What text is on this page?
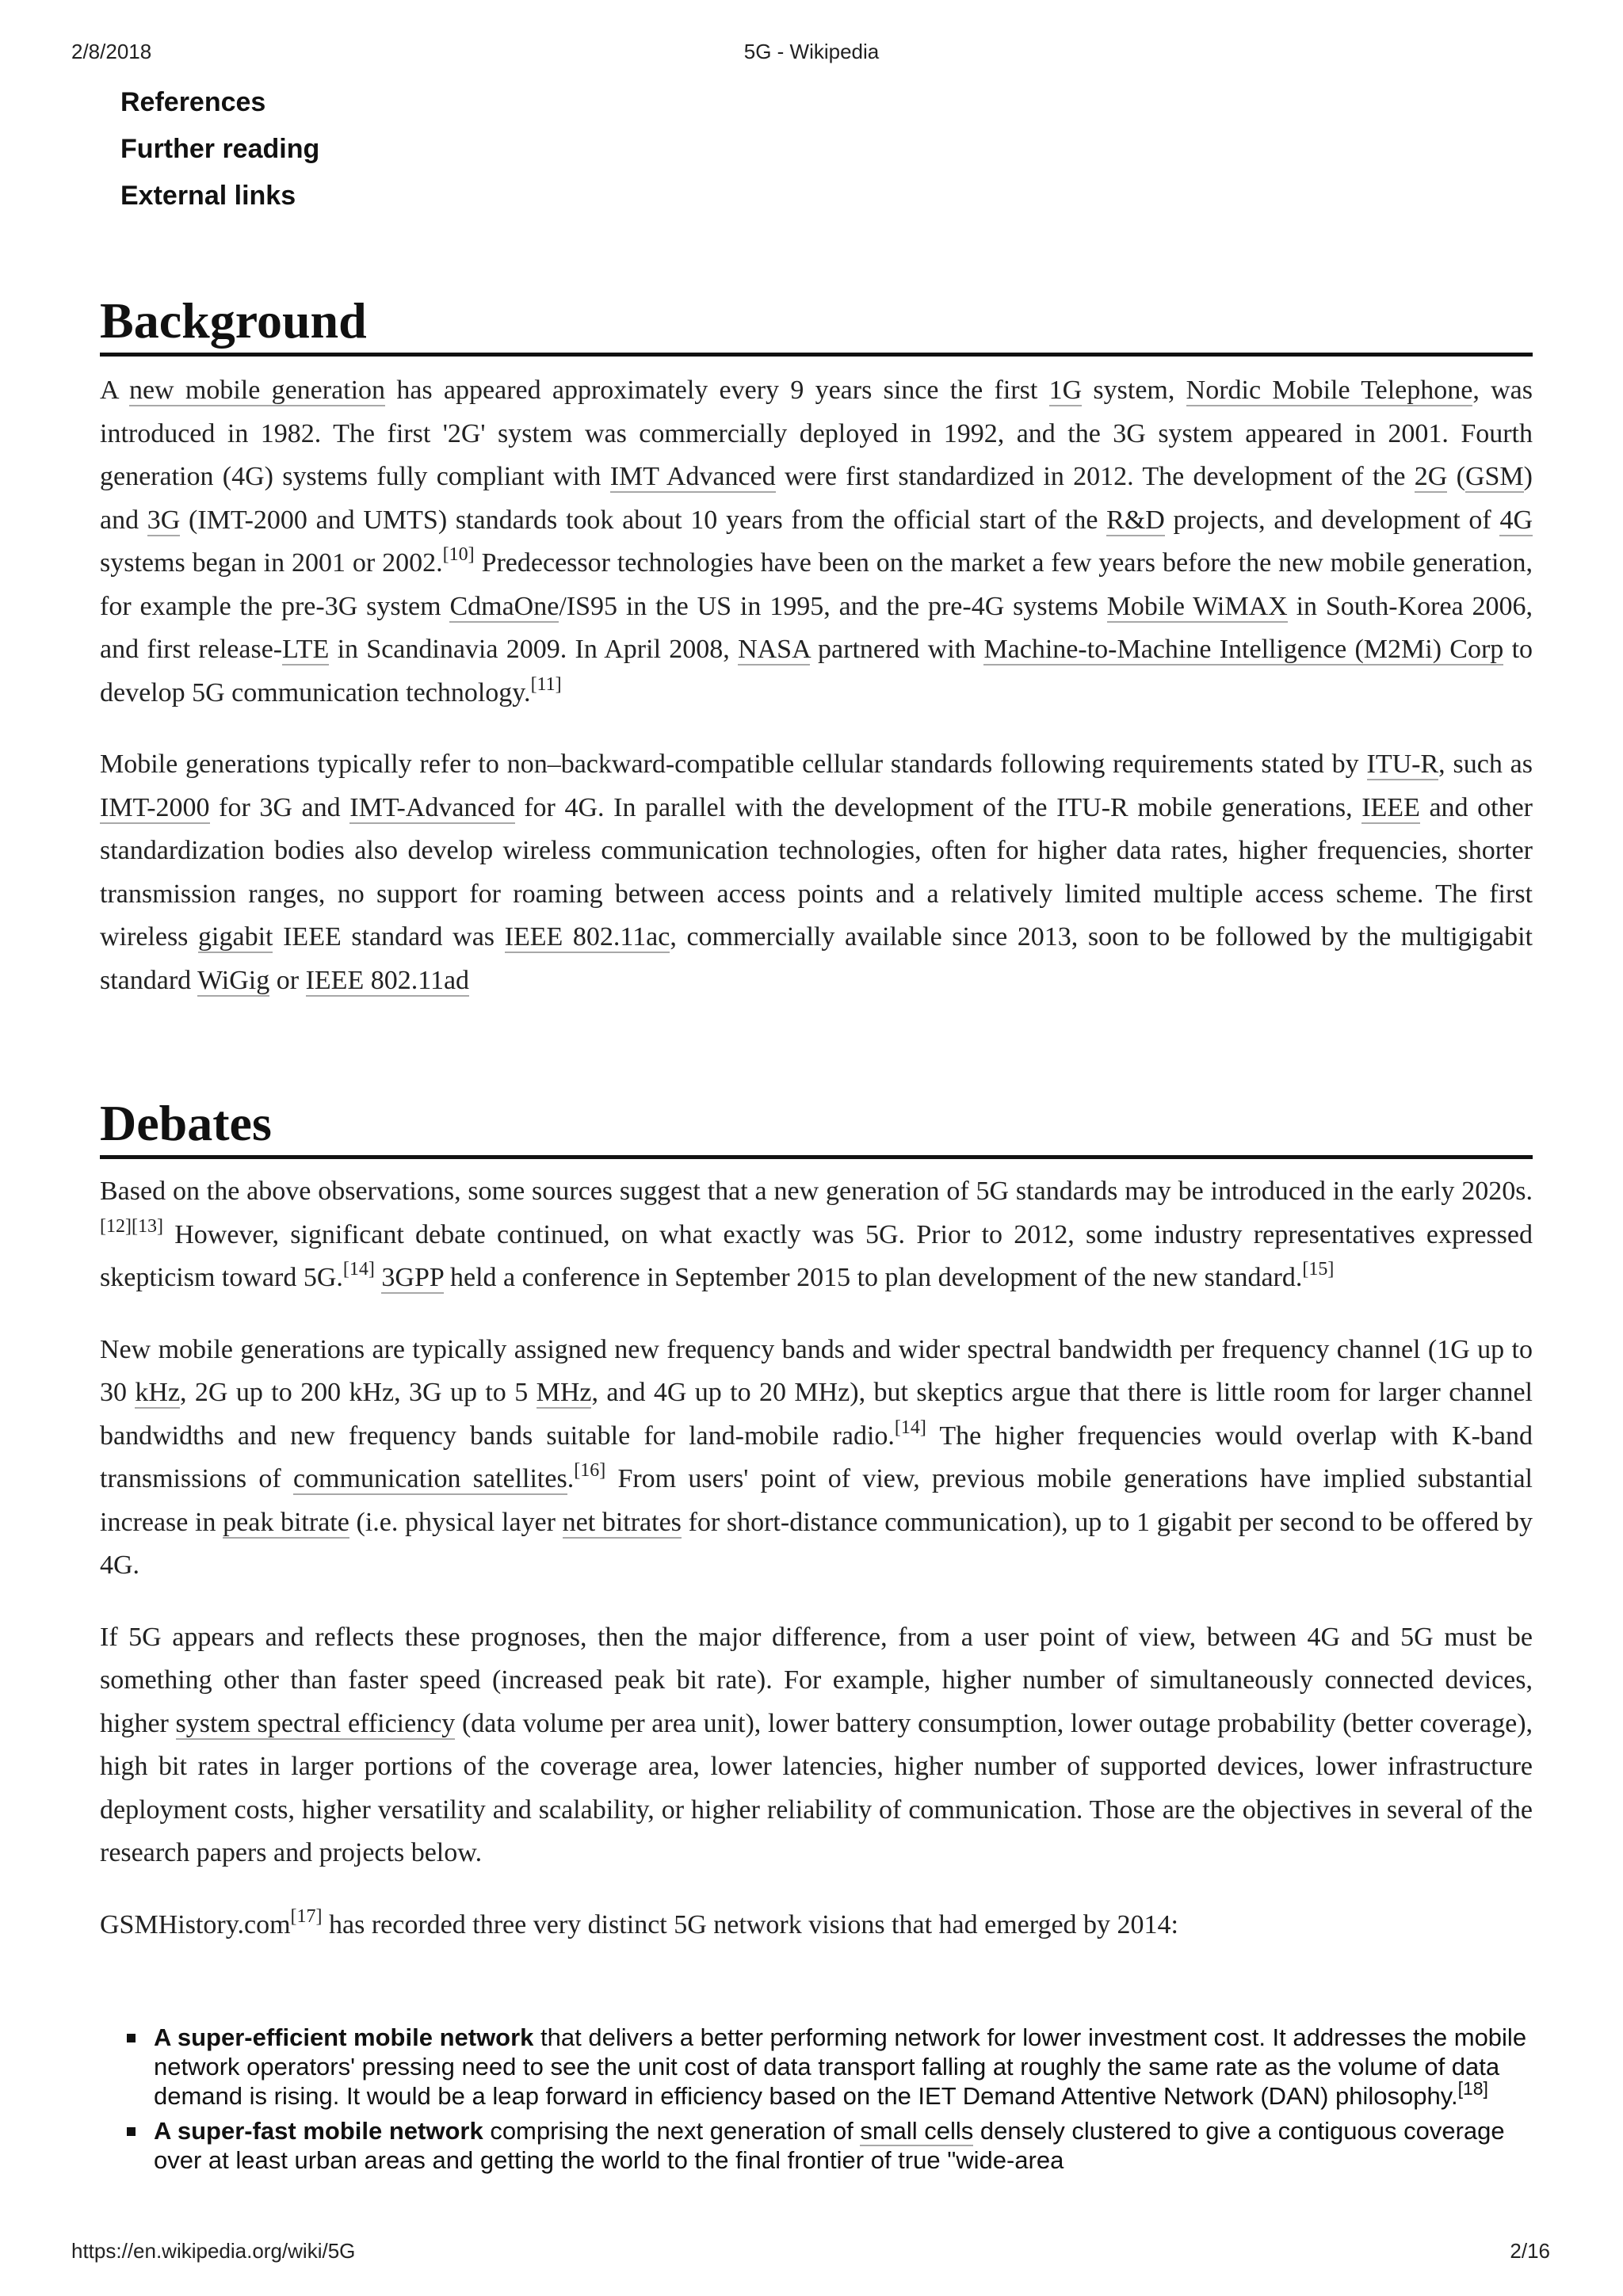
2/8/2018	5G - Wikipedia
References
Further reading
External links
Background

A new mobile generation has appeared approximately every 9 years since the first 1G system, Nordic Mobile Telephone, was introduced in 1982. The first '2G' system was commercially deployed in 1992, and the 3G system appeared in 2001. Fourth generation (4G) systems fully compliant with IMT Advanced were first standardized in 2012. The development of the 2G (GSM) and 3G (IMT-2000 and UMTS) standards took about 10 years from the official start of the R&D projects, and development of 4G systems began in 2001 or 2002.[10] Predecessor technologies have been on the market a few years before the new mobile generation, for example the pre-3G system CdmaOne/IS95 in the US in 1995, and the pre-4G systems Mobile WiMAX in South-Korea 2006, and first release-LTE in Scandinavia 2009. In April 2008, NASA partnered with Machine-to-Machine Intelligence (M2Mi) Corp to develop 5G communication technology.[11]

Mobile generations typically refer to non–backward-compatible cellular standards following requirements stated by ITU-R, such as IMT-2000 for 3G and IMT-Advanced for 4G. In parallel with the development of the ITU-R mobile generations, IEEE and other standardization bodies also develop wireless communication technologies, often for higher data rates, higher frequencies, shorter transmission ranges, no support for roaming between access points and a relatively limited multiple access scheme. The first wireless gigabit IEEE standard was IEEE 802.11ac, commercially available since 2013, soon to be followed by the multigigabit standard WiGig or IEEE 802.11ad

Debates

Based on the above observations, some sources suggest that a new generation of 5G standards may be introduced in the early 2020s.[12][13] However, significant debate continued, on what exactly was 5G. Prior to 2012, some industry representatives expressed skepticism toward 5G.[14] 3GPP held a conference in September 2015 to plan development of the new standard.[15]

New mobile generations are typically assigned new frequency bands and wider spectral bandwidth per frequency channel (1G up to 30 kHz, 2G up to 200 kHz, 3G up to 5 MHz, and 4G up to 20 MHz), but skeptics argue that there is little room for larger channel bandwidths and new frequency bands suitable for land-mobile radio.[14] The higher frequencies would overlap with K-band transmissions of communication satellites.[16] From users' point of view, previous mobile generations have implied substantial increase in peak bitrate (i.e. physical layer net bitrates for short-distance communication), up to 1 gigabit per second to be offered by 4G.

If 5G appears and reflects these prognoses, then the major difference, from a user point of view, between 4G and 5G must be something other than faster speed (increased peak bit rate). For example, higher number of simultaneously connected devices, higher system spectral efficiency (data volume per area unit), lower battery consumption, lower outage probability (better coverage), high bit rates in larger portions of the coverage area, lower latencies, higher number of supported devices, lower infrastructure deployment costs, higher versatility and scalability, or higher reliability of communication. Those are the objectives in several of the research papers and projects below.

GSMHistory.com[17] has recorded three very distinct 5G network visions that had emerged by 2014:

A super-efficient mobile network that delivers a better performing network for lower investment cost. It addresses the mobile network operators' pressing need to see the unit cost of data transport falling at roughly the same rate as the volume of data demand is rising. It would be a leap forward in efficiency based on the IET Demand Attentive Network (DAN) philosophy.[18]
A super-fast mobile network comprising the next generation of small cells densely clustered to give a contiguous coverage over at least urban areas and getting the world to the final frontier of true "wide-area
https://en.wikipedia.org/wiki/5G	2/16
